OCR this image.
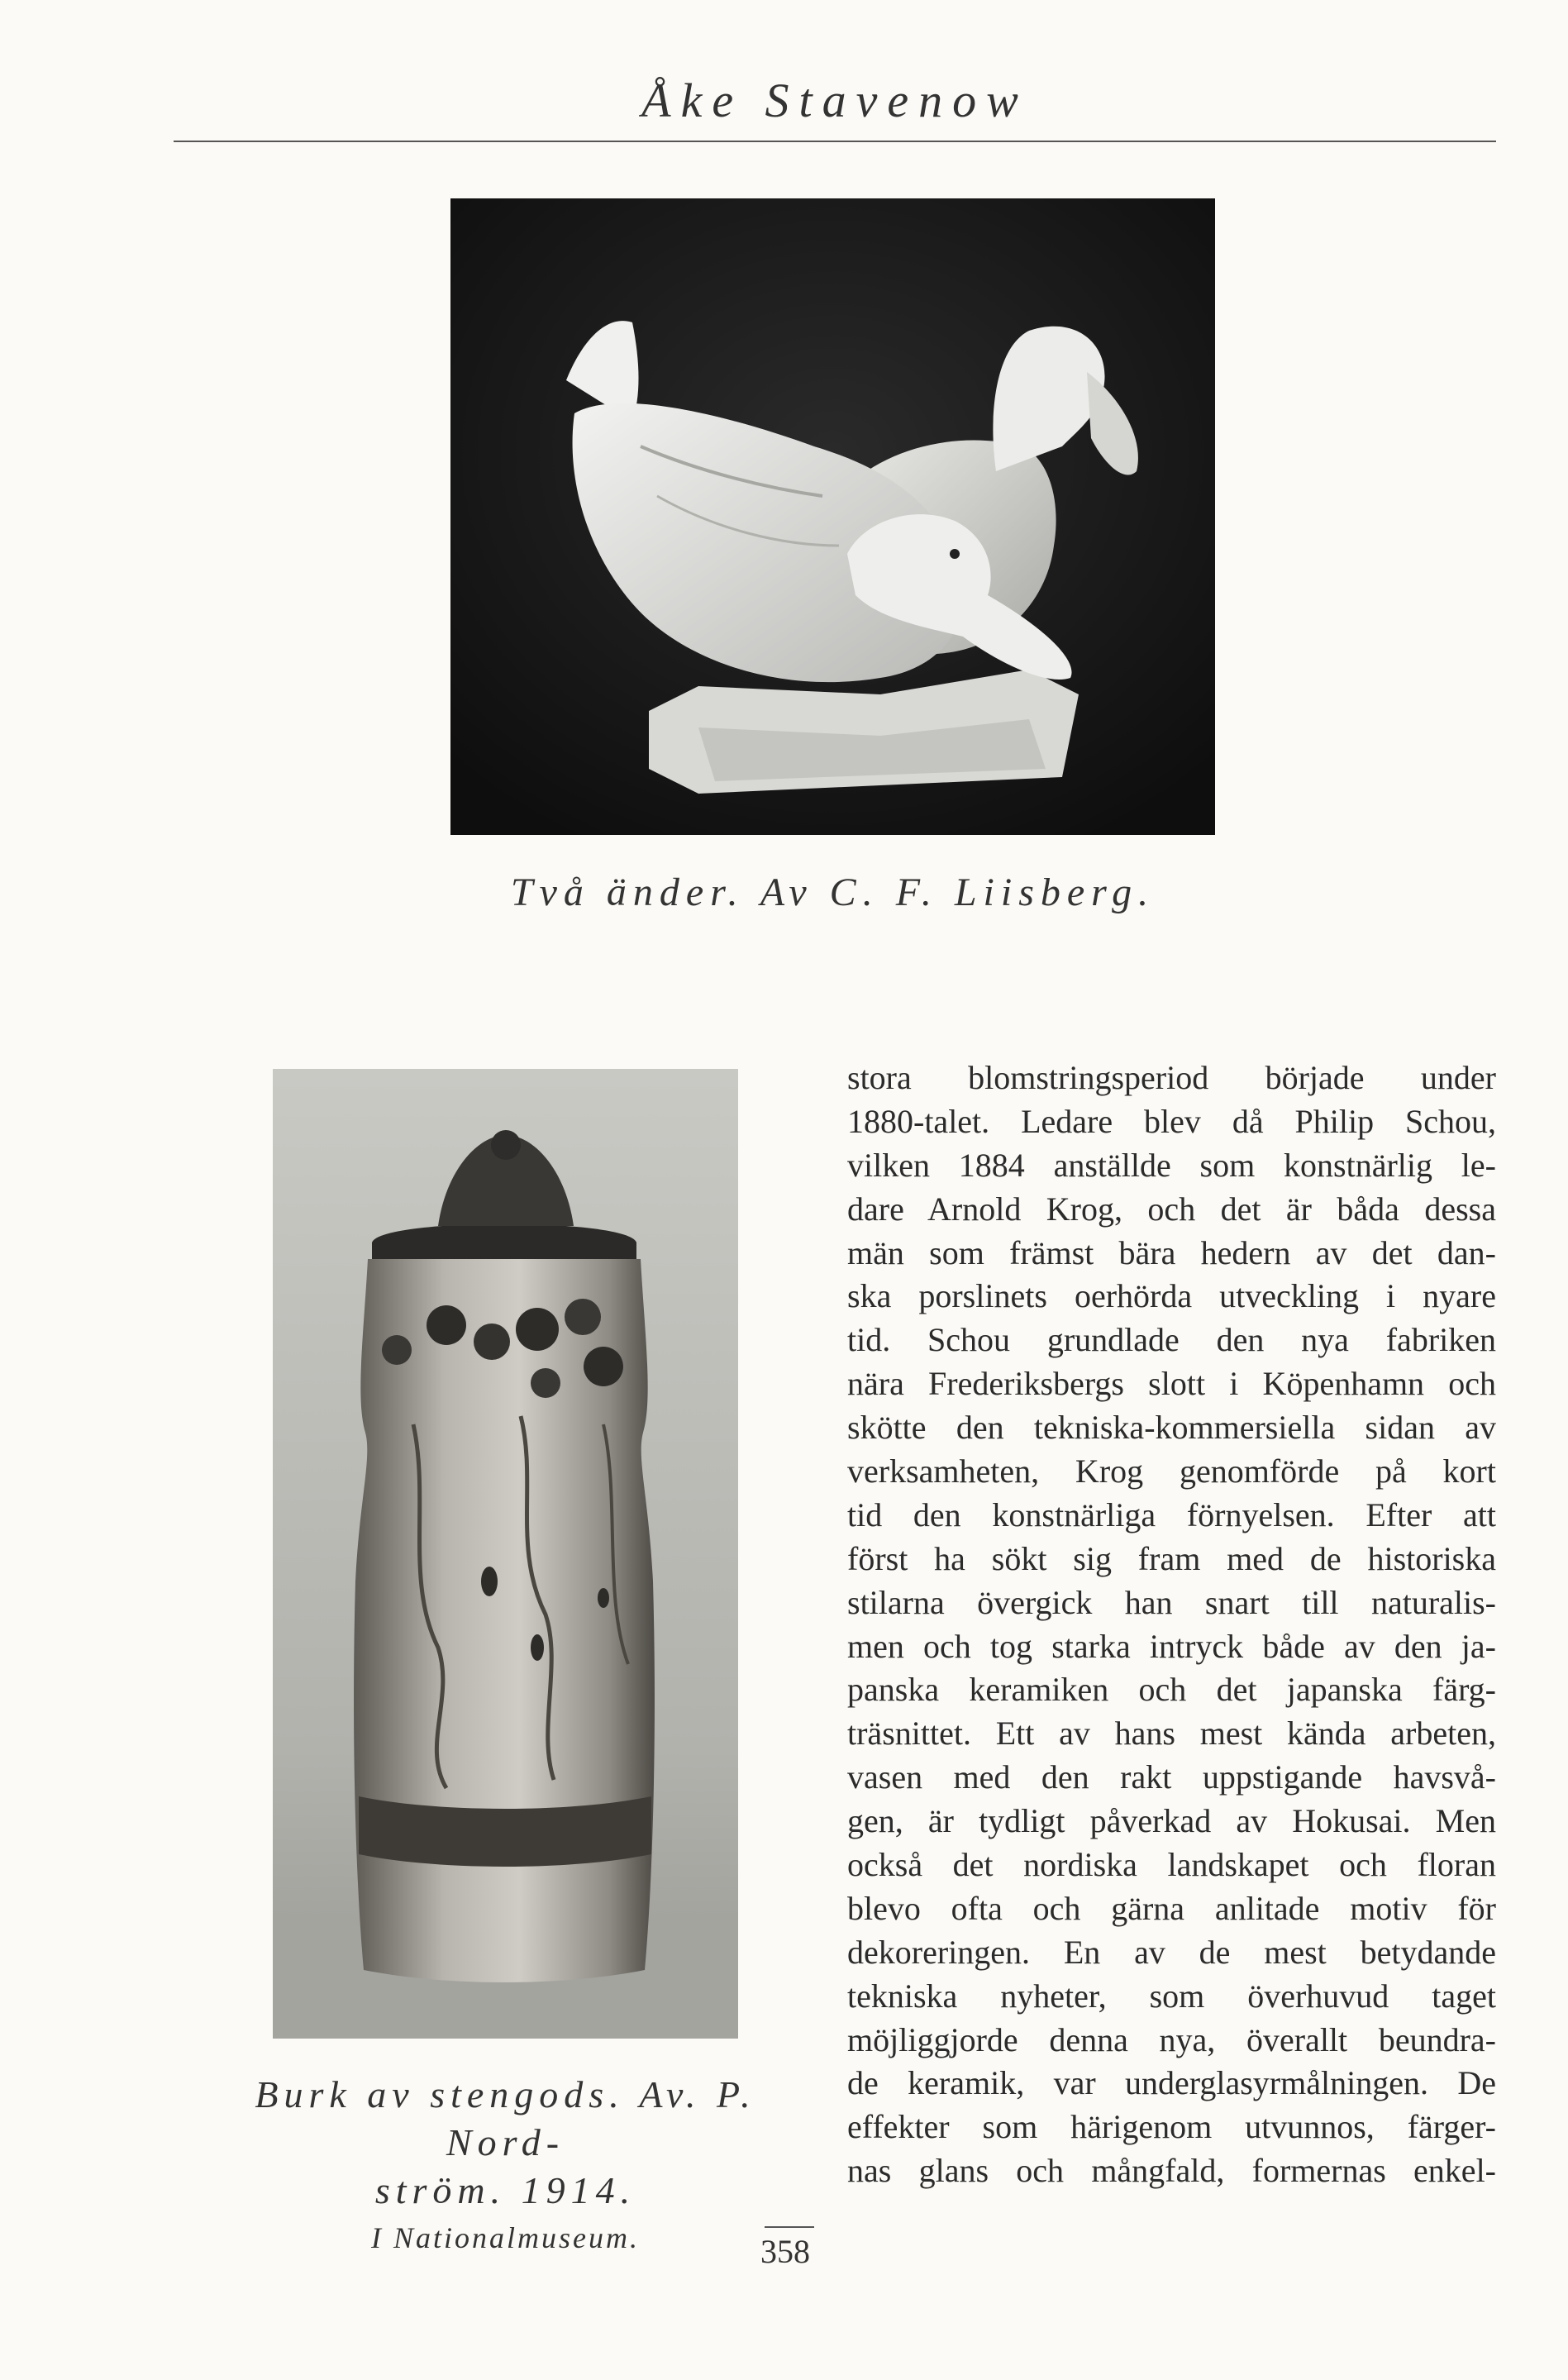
Åke Stavenow
Två änder. Av C. F. Liisberg.
Burk av stengods. Av. P. Nord-
ström. 1914.
I Nationalmuseum.
stora blomstringsperiod började under
1880-talet. Ledare blev då Philip Schou,
vilken 1884 anställde som konstnärlig le-
dare Arnold Krog, och det är båda dessa
män som främst bära hedern av det dan-
ska porslinets oerhörda utveckling i nyare
tid. Schou grundlade den nya fabriken
nära Frederiksbergs slott i Köpenhamn och
skötte den tekniska-kommersiella sidan av
verksamheten, Krog genomförde på kort
tid den konstnärliga förnyelsen. Efter att
först ha sökt sig fram med de historiska
stilarna övergick han snart till naturalis-
men och tog starka intryck både av den ja-
panska keramiken och det japanska färg-
träsnittet. Ett av hans mest kända arbeten,
vasen med den rakt uppstigande havsvå-
gen, är tydligt påverkad av Hokusai. Men
också det nordiska landskapet och floran
blevo ofta och gärna anlitade motiv för
dekoreringen. En av de mest betydande
tekniska nyheter, som överhuvud taget
möjliggjorde denna nya, överallt beundra-
de keramik, var underglasyrmålningen. De
effekter som härigenom utvunnos, färger-
nas glans och mångfald, formernas enkel-
358
